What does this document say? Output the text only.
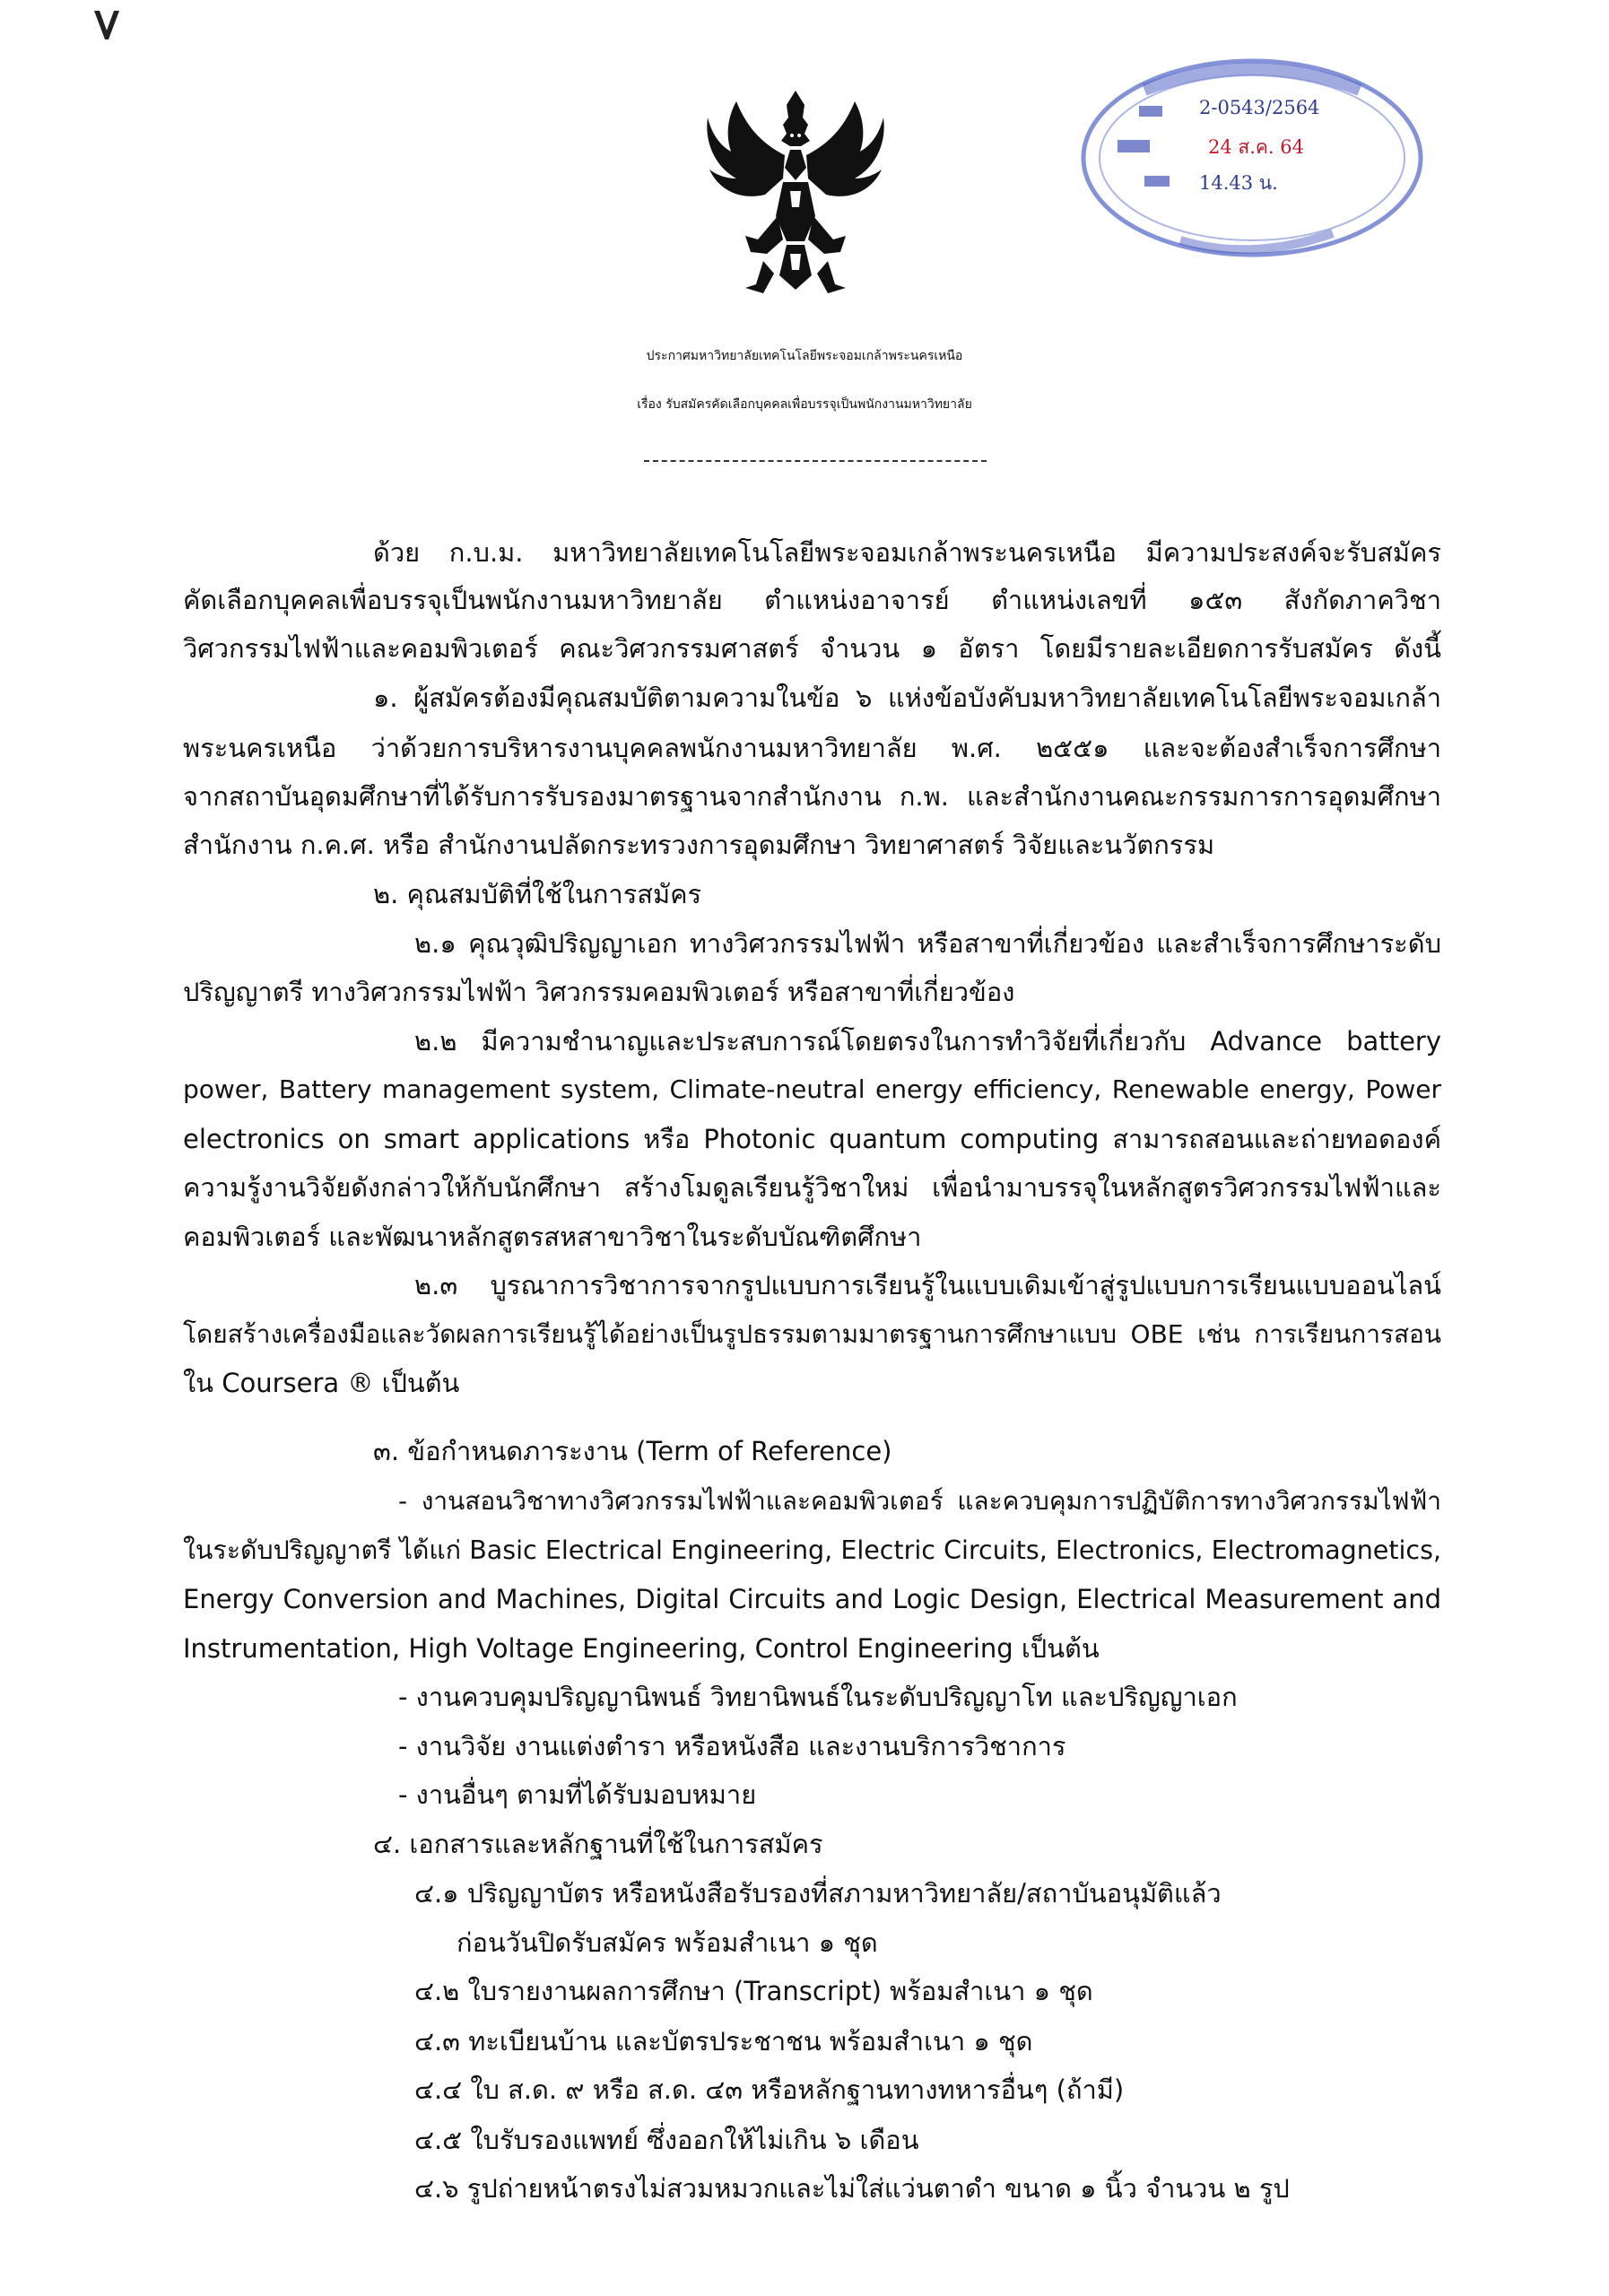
2-0543/2564
24 ส.ค. 64
14.43 น.

ประกาศมหาวิทยาลัยเทคโนโลยีพระจอมเกล้าพระนครเหนือ

เรื่อง รับสมัครคัดเลือกบุคคลเพื่อบรรจุเป็นพนักงานมหาวิทยาลัย

ด้วย ก.บ.ม. มหาวิทยาลัยเทคโนโลยีพระจอมเกล้าพระนครเหนือ มีความประสงค์จะรับสมัคร

คัดเลือกบุคคลเพื่อบรรจุเป็นพนักงานมหาวิทยาลัย ตำแหน่งอาจารย์ ตำแหน่งเลขที่ ๑๕๓ สังกัดภาควิชา

วิศวกรรมไฟฟ้าและคอมพิวเตอร์ คณะวิศวกรรมศาสตร์ จำนวน ๑ อัตรา โดยมีรายละเอียดการรับสมัคร ดังนี้

๑. ผู้สมัครต้องมีคุณสมบัติตามความในข้อ ๖ แห่งข้อบังคับมหาวิทยาลัยเทคโนโลยีพระจอมเกล้า

พระนครเหนือ ว่าด้วยการบริหารงานบุคคลพนักงานมหาวิทยาลัย พ.ศ. ๒๕๕๑ และจะต้องสำเร็จการศึกษา

จากสถาบันอุดมศึกษาที่ได้รับการรับรองมาตรฐานจากสำนักงาน ก.พ. และสำนักงานคณะกรรมการการอุดมศึกษา

สำนักงาน ก.ค.ศ. หรือ สำนักงานปลัดกระทรวงการอุดมศึกษา วิทยาศาสตร์ วิจัยและนวัตกรรม

๒. คุณสมบัติที่ใช้ในการสมัคร

๒.๑ คุณวุฒิปริญญาเอก ทางวิศวกรรมไฟฟ้า หรือสาขาที่เกี่ยวข้อง และสำเร็จการศึกษาระดับ

ปริญญาตรี ทางวิศวกรรมไฟฟ้า วิศวกรรมคอมพิวเตอร์ หรือสาขาที่เกี่ยวข้อง

๒.๒ มีความชำนาญและประสบการณ์โดยตรงในการทำวิจัยที่เกี่ยวกับ Advance battery

power, Battery management system, Climate-neutral energy efficiency, Renewable energy, Power

electronics on smart applications หรือ Photonic quantum computing สามารถสอนและถ่ายทอดองค์

ความรู้งานวิจัยดังกล่าวให้กับนักศึกษา สร้างโมดูลเรียนรู้วิชาใหม่ เพื่อนำมาบรรจุในหลักสูตรวิศวกรรมไฟฟ้าและ

คอมพิวเตอร์ และพัฒนาหลักสูตรสหสาขาวิชาในระดับบัณฑิตศึกษา

๒.๓ บูรณาการวิชาการจากรูปแบบการเรียนรู้ในแบบเดิมเข้าสู่รูปแบบการเรียนแบบออนไลน์

โดยสร้างเครื่องมือและวัดผลการเรียนรู้ได้อย่างเป็นรูปธรรมตามมาตรฐานการศึกษาแบบ OBE เช่น การเรียนการสอน

ใน Coursera ® เป็นต้น

๓. ข้อกำหนดภาระงาน (Term of Reference)

- งานสอนวิชาทางวิศวกรรมไฟฟ้าและคอมพิวเตอร์ และควบคุมการปฏิบัติการทางวิศวกรรมไฟฟ้า

ในระดับปริญญาตรี ได้แก่ Basic Electrical Engineering, Electric Circuits, Electronics, Electromagnetics,

Energy Conversion and Machines, Digital Circuits and Logic Design, Electrical Measurement and

Instrumentation, High Voltage Engineering, Control Engineering เป็นต้น

- งานควบคุมปริญญานิพนธ์ วิทยานิพนธ์ในระดับปริญญาโท และปริญญาเอก

- งานวิจัย งานแต่งตำรา หรือหนังสือ และงานบริการวิชาการ

- งานอื่นๆ ตามที่ได้รับมอบหมาย

๔. เอกสารและหลักฐานที่ใช้ในการสมัคร

๔.๑ ปริญญาบัตร หรือหนังสือรับรองที่สภามหาวิทยาลัย/สถาบันอนุมัติแล้ว

ก่อนวันปิดรับสมัคร พร้อมสำเนา ๑ ชุด

๔.๒ ใบรายงานผลการศึกษา (Transcript) พร้อมสำเนา ๑ ชุด

๔.๓ ทะเบียนบ้าน และบัตรประชาชน พร้อมสำเนา ๑ ชุด

๔.๔ ใบ ส.ด. ๙ หรือ ส.ด. ๔๓ หรือหลักฐานทางทหารอื่นๆ (ถ้ามี)

๔.๕ ใบรับรองแพทย์ ซึ่งออกให้ไม่เกิน ๖ เดือน

๔.๖ รูปถ่ายหน้าตรงไม่สวมหมวกและไม่ใส่แว่นตาดำ ขนาด ๑ นิ้ว จำนวน ๒ รูป
